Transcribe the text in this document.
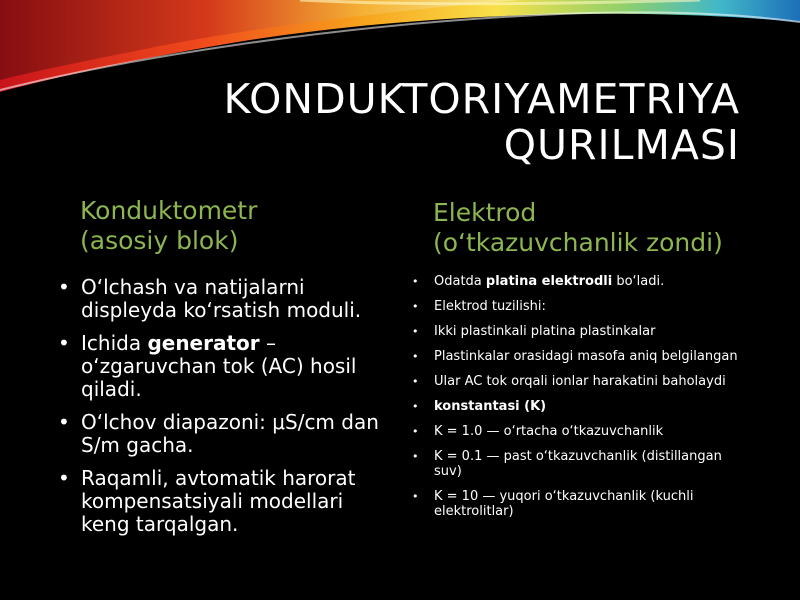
KONDUKTORIYAMETRIYA
QURILMASI
Konduktometr
(asosiy blok)
• O‘lchash va natijalarni displeyda ko‘rsatish moduli.
• Ichida generator – o‘zgaruvchan tok (AC) hosil qiladi.
• O‘lchov diapazoni: μS/cm dan S/m gacha.
• Raqamli, avtomatik harorat kompensatsiyali modellari keng tarqalgan.
Elektrod
(o‘tkazuvchanlik zondi)
• Odatda platina elektrodli bo‘ladi.
• Elektrod tuzilishi:
• Ikki plastinkali platina plastinkalar
• Plastinkalar orasidagi masofa aniq belgilangan
• Ular AC tok orqali ionlar harakatini baholaydi
• konstantasi (K)
• K = 1.0 — o‘rtacha o‘tkazuvchanlik
• K = 0.1 — past o‘tkazuvchanlik (distillangan suv)
• K = 10 — yuqori o‘tkazuvchanlik (kuchli elektrolitlar)
